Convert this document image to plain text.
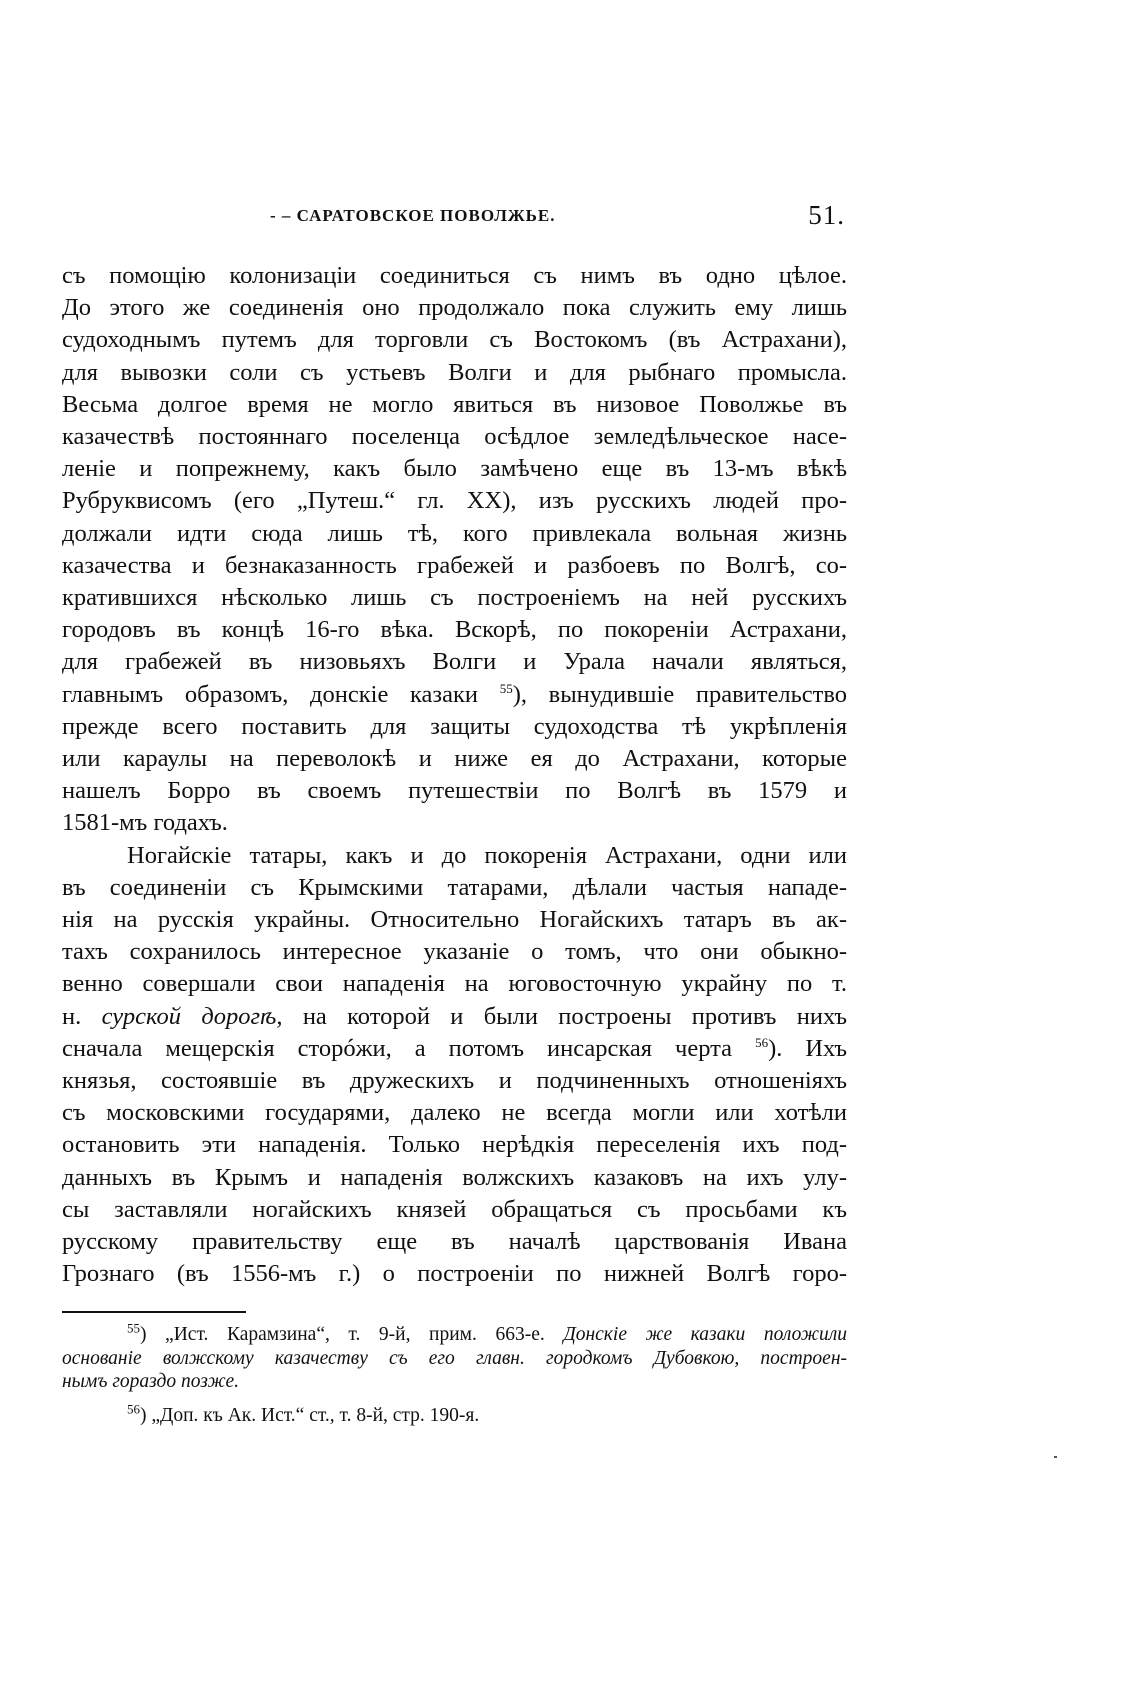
- – САРАТОВСКОЕ ПОВОЛЖЬЕ.	51.
съ помощію колонизаціи соединиться съ нимъ въ одно цѣлое.
До этого же соединенія оно продолжало пока служить ему лишь
судоходнымъ путемъ для торговли съ Востокомъ (въ Астрахани),
для вывозки соли съ устьевъ Волги и для рыбнаго промысла.
Весьма долгое время не могло явиться въ низовое Поволжье въ
казачествѣ постояннаго поселенца осѣдлое земледѣльческое насе-
леніе и попрежнему, какъ было замѣчено еще въ 13-мъ вѣкѣ
Рубруквисомъ (его „Путеш.“ гл. XX), изъ русскихъ людей про-
должали идти сюда лишь тѣ, кого привлекала вольная жизнь
казачества и безнаказанность грабежей и разбоевъ по Волгѣ, со-
кратившихся нѣсколько лишь съ построеніемъ на ней русскихъ
городовъ въ концѣ 16-го вѣка. Вскорѣ, по покореніи Астрахани,
для грабежей въ низовьяхъ Волги и Урала начали являться,
главнымъ образомъ, донскіе казаки $^{55}$), вынудившіе правительство
прежде всего поставить для защиты судоходства тѣ укрѣпленія
или караулы на переволокѣ и ниже ея до Астрахани, которые
нашелъ Борро въ своемъ путешествіи по Волгѣ въ 1579 и
1581-мъ годахъ.
Ногайскіе татары, какъ и до покоренія Астрахани, одни или
въ соединеніи съ Крымскими татарами, дѣлали частыя нападе-
нія на русскія украйны. Относительно Ногайскихъ татаръ въ ак-
тахъ сохранилось интересное указаніе о томъ, что они обыкно-
венно совершали свои нападенія на юговосточную украйну по т.
н. сурской дорогѣ, на которой и были построены противъ нихъ
сначала мещерскія сторóжи, а потомъ инсарская черта $^{56}$). Ихъ
князья, состоявшіе въ дружескихъ и подчиненныхъ отношеніяхъ
съ московскими государями, далеко не всегда могли или хотѣли
остановить эти нападенія. Только нерѣдкія переселенія ихъ под-
данныхъ въ Крымъ и нападенія волжскихъ казаковъ на ихъ улу-
сы заставляли ногайскихъ князей обращаться съ просьбами къ
русскому правительству еще въ началѣ царствованія Ивана
Грознаго (въ 1556-мъ г.) о построеніи по нижней Волгѣ горо-
$^{55}$) „Ист. Карамзина“, т. 9-й, прим. 663-е. Донскіе же казаки положили
основаніе волжскому казачеству съ его главн. городкомъ Дубовкою, построен-
нымъ гораздо позже.
$^{56}$) „Доп. къ Ак. Ист.“ ст., т. 8-й, стр. 190-я.
